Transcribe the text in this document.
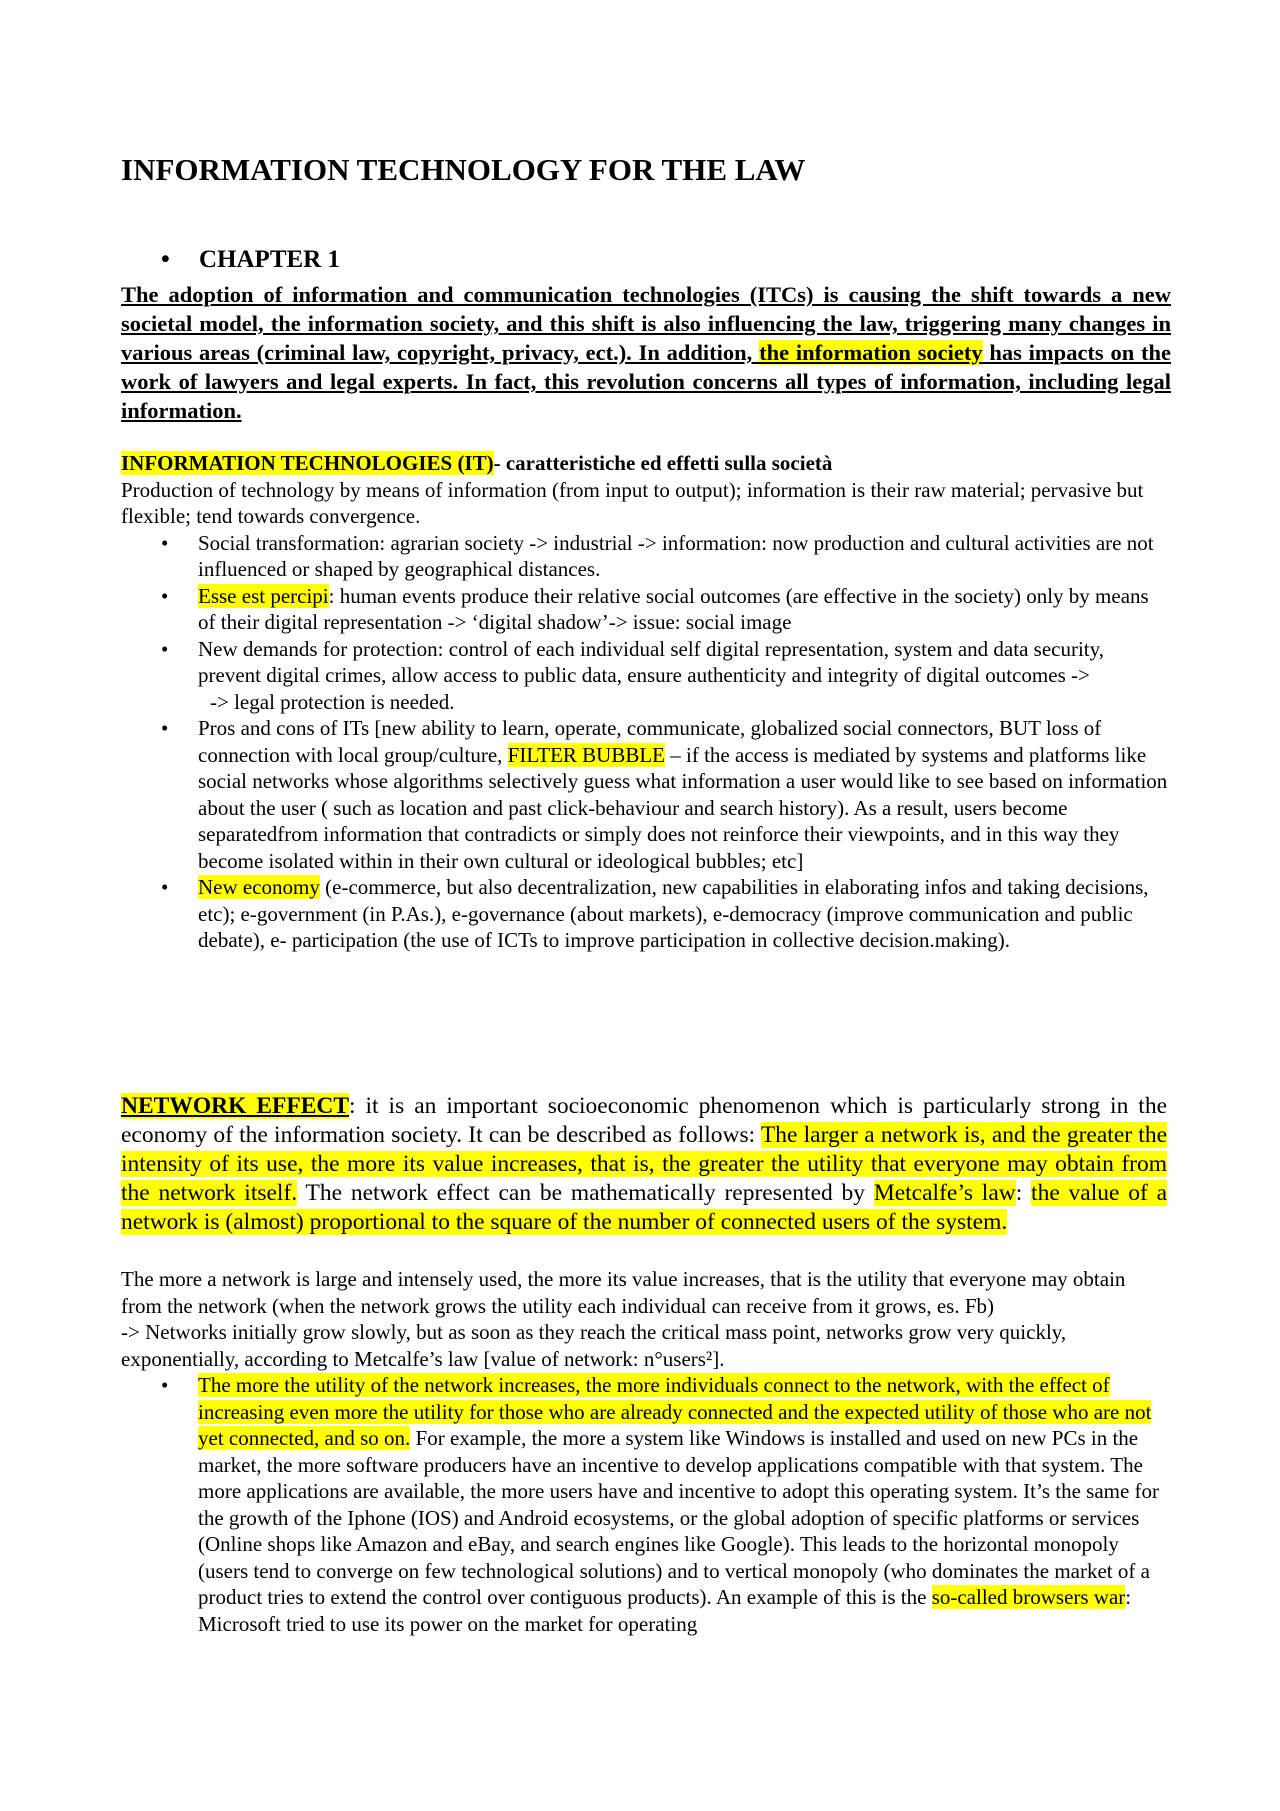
INFORMATION TECHNOLOGY FOR THE LAW
• CHAPTER 1

The adoption of information and communication technologies (ITCs) is causing the shift towards a new societal model, the information society, and this shift is also influencing the law, triggering many changes in various areas (criminal law, copyright, privacy, ect.). In addition, the information society has impacts on the work of lawyers and legal experts. In fact, this revolution concerns all types of information, including legal information.

INFORMATION TECHNOLOGIES (IT)- caratteristiche ed effetti sulla società
Production of technology by means of information (from input to output); information is their raw material; pervasive but flexible; tend towards convergence.
• Social transformation: agrarian society -> industrial -> information: now production and cultural activities are not influenced or shaped by geographical distances.
• Esse est percipi: human events produce their relative social outcomes (are effective in the society) only by means of their digital representation -> ‘digital shadow’-> issue: social image
• New demands for protection: control of each individual self digital representation, system and data security, prevent digital crimes, allow access to public data, ensure authenticity and integrity of digital outcomes ->
-> legal protection is needed.
• Pros and cons of ITs [new ability to learn, operate, communicate, globalized social connectors, BUT loss of connection with local group/culture, FILTER BUBBLE – if the access is mediated by systems and platforms like social networks whose algorithms selectively guess what information a user would like to see based on information about the user ( such as location and past click-behaviour and search history). As a result, users become separatedfrom information that contradicts or simply does not reinforce their viewpoints, and in this way they become isolated within in their own cultural or ideological bubbles; etc]
• New economy (e-commerce, but also decentralization, new capabilities in elaborating infos and taking decisions, etc); e-government (in P.As.), e-governance (about markets), e-democracy (improve communication and public debate), e- participation (the use of ICTs to improve participation in collective decision.making).

NETWORK EFFECT: it is an important socioeconomic phenomenon which is particularly strong in the economy of the information society. It can be described as follows: The larger a network is, and the greater the intensity of its use, the more its value increases, that is, the greater the utility that everyone may obtain from the network itself. The network effect can be mathematically represented by Metcalfe’s law: the value of a network is (almost) proportional to the square of the number of connected users of the system.

The more a network is large and intensely used, the more its value increases, that is the utility that everyone may obtain from the network (when the network grows the utility each individual can receive from it grows, es. Fb)
-> Networks initially grow slowly, but as soon as they reach the critical mass point, networks grow very quickly, exponentially, according to Metcalfe’s law [value of network: n°users²].
• The more the utility of the network increases, the more individuals connect to the network, with the effect of increasing even more the utility for those who are already connected and the expected utility of those who are not yet connected, and so on. For example, the more a system like Windows is installed and used on new PCs in the market, the more software producers have an incentive to develop applications compatible with that system. The more applications are available, the more users have and incentive to adopt this operating system. It’s the same for the growth of the Iphone (IOS) and Android ecosystems, or the global adoption of specific platforms or services (Online shops like Amazon and eBay, and search engines like Google). This leads to the horizontal monopoly (users tend to converge on few technological solutions) and to vertical monopoly (who dominates the market of a product tries to extend the control over contiguous products). An example of this is the so-called browsers war: Microsoft tried to use its power on the market for operating
